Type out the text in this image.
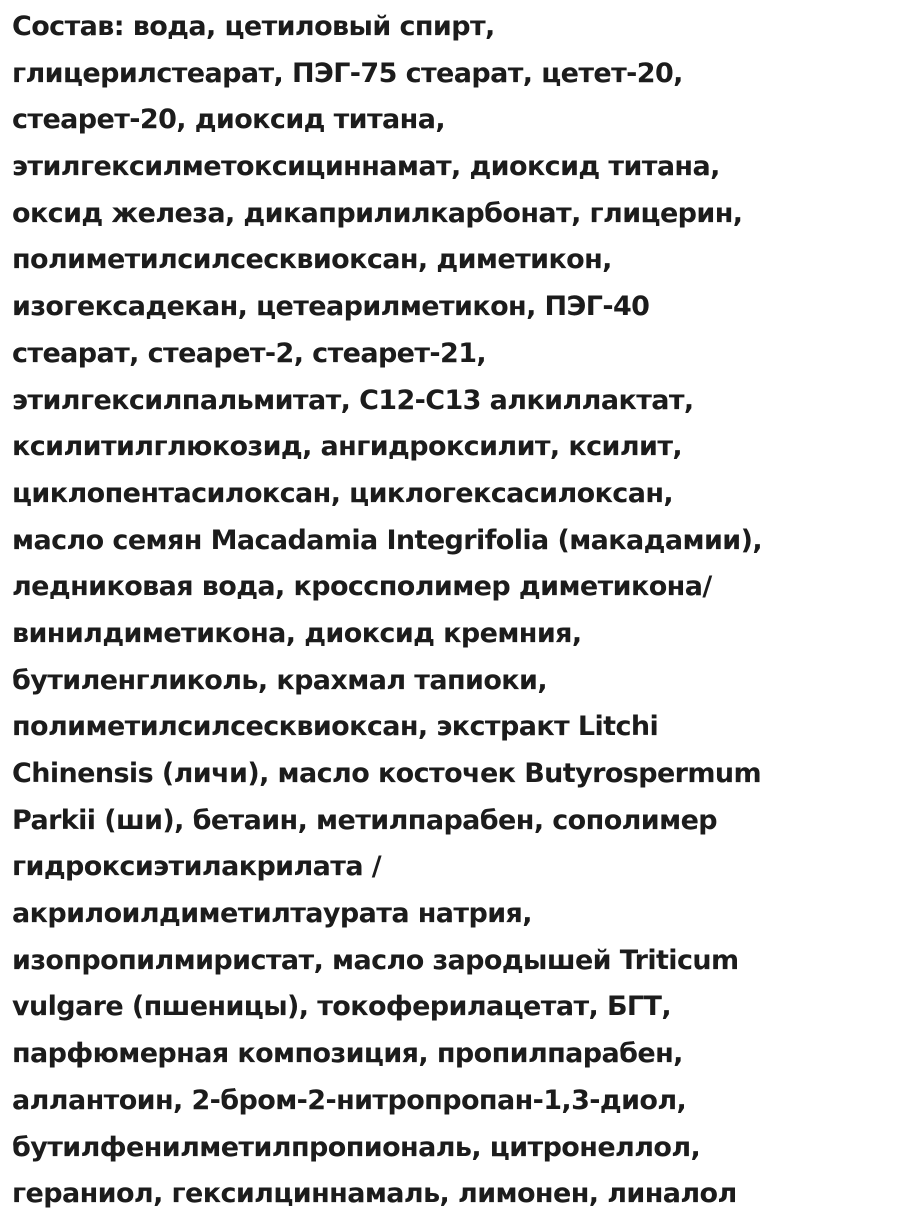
Состав: вода, цетиловый спирт,
глицерилстеарат, ПЭГ-75 стеарат, цетет-20,
стеарет-20, диоксид титана,
этилгексилметоксициннамат, диоксид титана,
оксид железа, дикаприлилкарбонат, глицерин,
полиметилсилсесквиоксан, диметикон,
изогексадекан, цетеарилметикон, ПЭГ-40
стеарат, стеарет-2, стеарет-21,
этилгексилпальмитат, C12-C13 алкиллактат,
ксилитилглюкозид, ангидроксилит, ксилит,
циклопентасилоксан, циклогексасилоксан,
масло семян Macadamia Integrifolia (макадамии),
ледниковая вода, кроссполимер диметикона/
винилдиметикона, диоксид кремния,
бутиленгликоль, крахмал тапиоки,
полиметилсилсесквиоксан, экстракт Litchi
Chinensis (личи), масло косточек Butyrospermum
Parkii (ши), бетаин, метилпарабен, сополимер
гидроксиэтилакрилата /
акрилоилдиметилтаурата натрия,
изопропилмиристат, масло зародышей Triticum
vulgare (пшеницы), токоферилацетат, БГТ,
парфюмерная композиция, пропилпарабен,
аллантоин, 2-бром-2-нитропропан-1,3-диол,
бутилфенилметилпропиональ, цитронеллол,
гераниол, гексилциннамаль, лимонен, линалол
